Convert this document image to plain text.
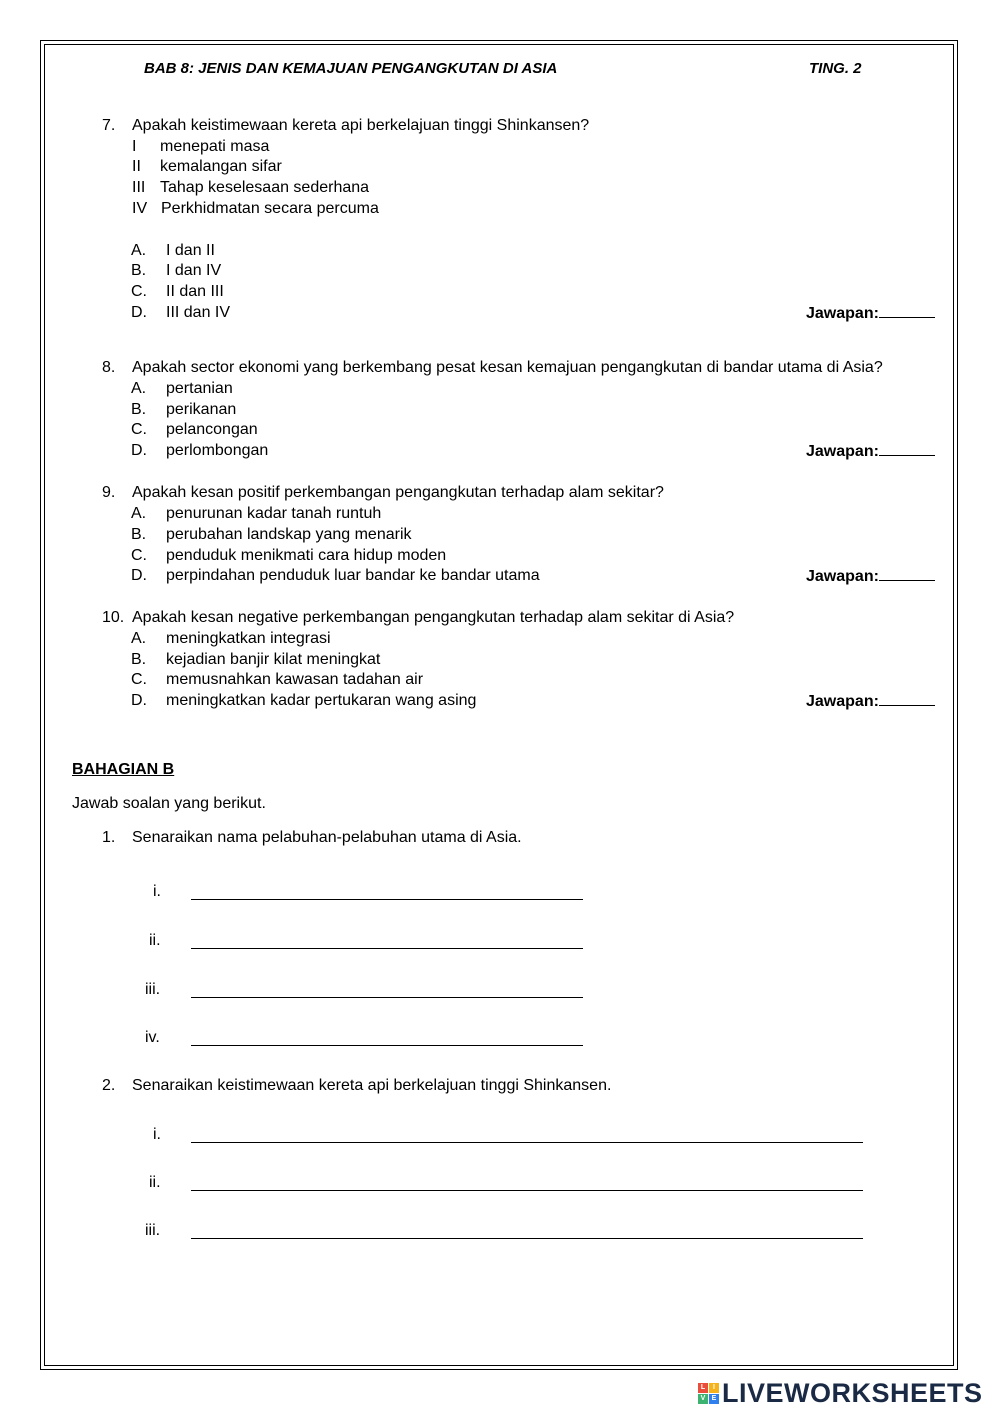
BAB 8: JENIS DAN KEMAJUAN PENGANGKUTAN DI ASIA	TING. 2
7. Apakah keistimewaan kereta api berkelajuan tinggi Shinkansen?
I menepati masa
II kemalangan sifar
III Tahap keselesaan sederhana
IV Perkhidmatan secara percuma
A. I dan II
B. I dan IV
C. II dan III
D. III dan IV	Jawapan:
8. Apakah sector ekonomi yang berkembang pesat kesan kemajuan pengangkutan di bandar utama di Asia?
A. pertanian
B. perikanan
C. pelancongan
D. perlombongan	Jawapan:
9. Apakah kesan positif perkembangan pengangkutan terhadap alam sekitar?
A. penurunan kadar tanah runtuh
B. perubahan landskap yang menarik
C. penduduk menikmati cara hidup moden
D. perpindahan penduduk luar bandar ke bandar utama	Jawapan:
10. Apakah kesan negative perkembangan pengangkutan terhadap alam sekitar di Asia?
A. meningkatkan integrasi
B. kejadian banjir kilat meningkat
C. memusnahkan kawasan tadahan air
D. meningkatkan kadar pertukaran wang asing	Jawapan:
BAHAGIAN B
Jawab soalan yang berikut.
1. Senaraikan nama pelabuhan-pelabuhan utama di Asia.
i.
ii.
iii.
iv.
2. Senaraikan keistimewaan kereta api berkelajuan tinggi Shinkansen.
i.
ii.
iii.
L	I
V E LIVEWORKSHEETS
